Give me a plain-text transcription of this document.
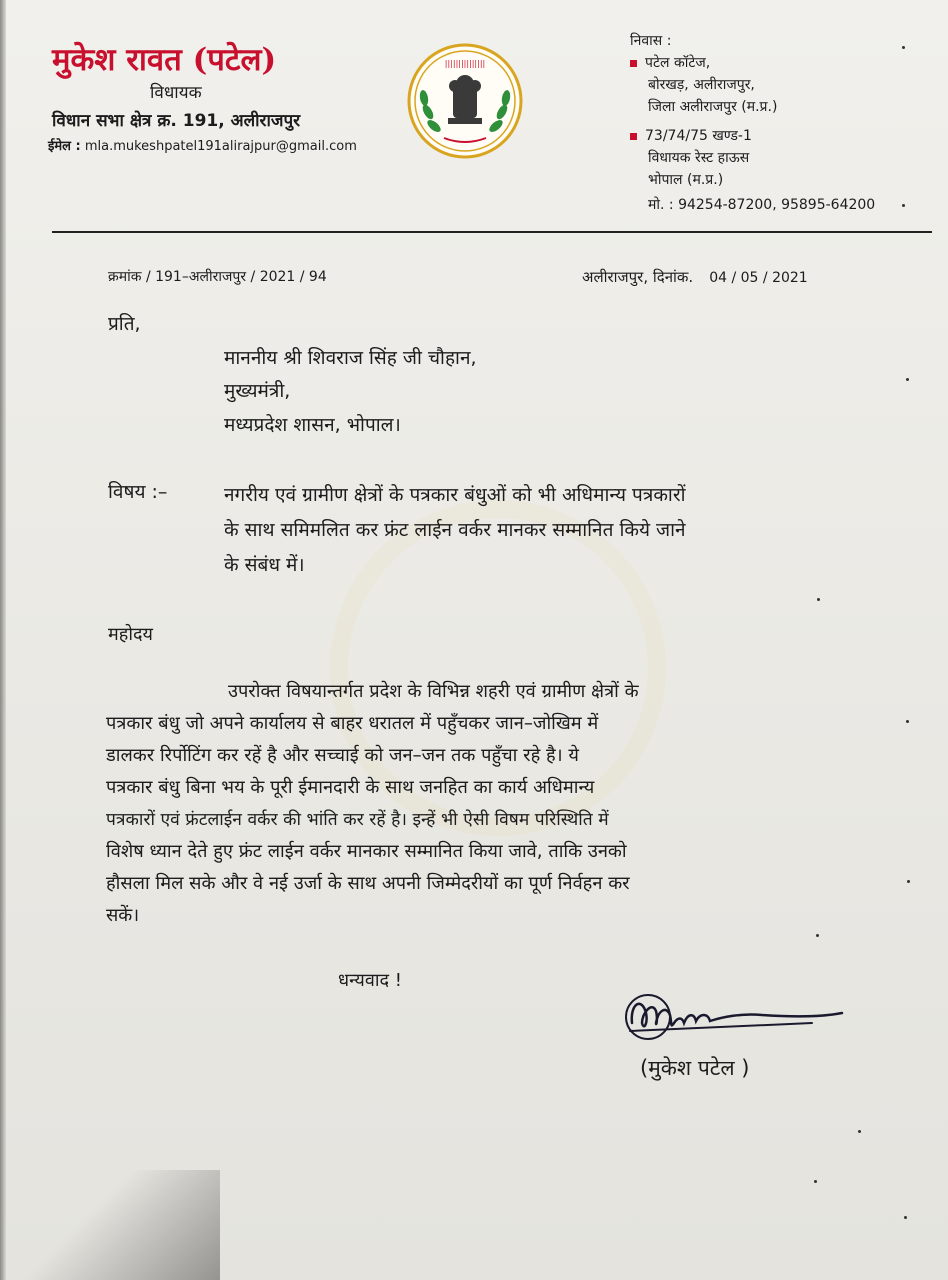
मुकेश रावत (पटेल)
विधायक
विधान सभा क्षेत्र क्र. 191, अलीराजपुर
ईमेल : mla.mukeshpatel191alirajpur@gmail.com
|||||||||||||||
निवास :
पटेल कॉटेज,
बोरखड़, अलीराजपुर,
जिला अलीराजपुर (म.प्र.)
73/74/75 खण्ड-1
विधायक रेस्ट हाऊस
भोपाल (म.प्र.)
मो. : 94254-87200, 95895-64200
क्रमांक / 191–अलीराजपुर / 2021 / 94	अलीराजपुर, दिनांक. 04 / 05 / 2021
प्रति,
माननीय श्री शिवराज सिंह जी चौहान,
मुख्यमंत्री,
मध्यप्रदेश शासन, भोपाल।
विषय :–	नगरीय एवं ग्रामीण क्षेत्रों के पत्रकार बंधुओं को भी अधिमान्य पत्रकारों
के साथ समिमलित कर फ्रंट लाईन वर्कर मानकर सम्मानित किये जाने
के संबंध में।
महोदय
उपरोक्त विषयान्तर्गत प्रदेश के विभिन्न शहरी एवं ग्रामीण क्षेत्रों के
पत्रकार बंधु जो अपने कार्यालय से बाहर धरातल में पहुँचकर जान–जोखिम में
डालकर रिर्पोटिंग कर रहें है और सच्चाई को जन–जन तक पहुँचा रहे है। ये
पत्रकार बंधु बिना भय के पूरी ईमानदारी के साथ जनहित का कार्य अधिमान्य
पत्रकारों एवं फ्रंटलाईन वर्कर की भांति कर रहें है। इन्हें भी ऐसी विषम परिस्थिति में
विशेष ध्यान देते हुए फ्रंट लाईन वर्कर मानकार सम्मानित किया जावे, ताकि उनको
हौसला मिल सके और वे नई उर्जा के साथ अपनी जिम्मेदरीयों का पूर्ण निर्वहन कर
सकें।
धन्यवाद !
(मुकेश पटेल )
